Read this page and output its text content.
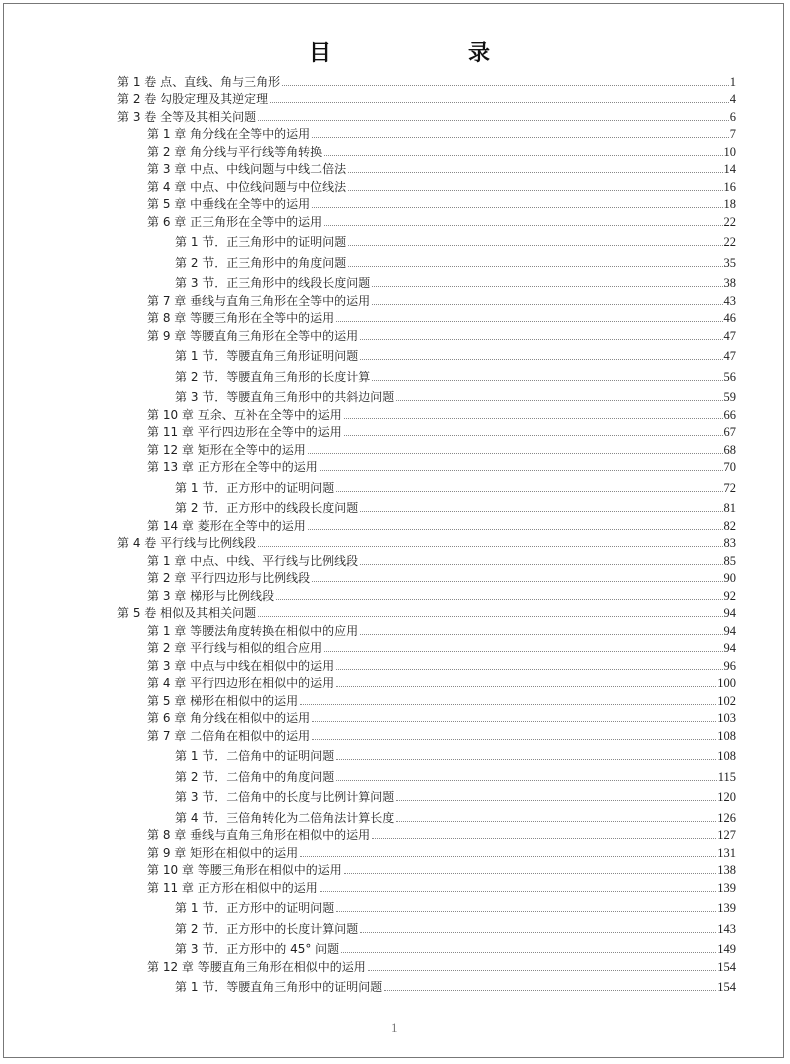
目	录
第 1 卷 点、直线、角与三角形	1
第 2 卷 勾股定理及其逆定理	4
第 3 卷 全等及其相关问题	6
第 1 章 角分线在全等中的运用	7
第 2 章 角分线与平行线等角转换	10
第 3 章 中点、中线问题与中线二倍法	14
第 4 章 中点、中位线问题与中位线法	16
第 5 章 中垂线在全等中的运用	18
第 6 章 正三角形在全等中的运用	22
第 1 节．正三角形中的证明问题	22
第 2 节．正三角形中的角度问题	35
第 3 节．正三角形中的线段长度问题	38
第 7 章 垂线与直角三角形在全等中的运用	43
第 8 章 等腰三角形在全等中的运用	46
第 9 章 等腰直角三角形在全等中的运用	47
第 1 节．等腰直角三角形证明问题	47
第 2 节．等腰直角三角形的长度计算	56
第 3 节．等腰直角三角形中的共斜边问题	59
第 10 章 互余、互补在全等中的运用	66
第 11 章 平行四边形在全等中的运用	67
第 12 章 矩形在全等中的运用	68
第 13 章 正方形在全等中的运用	70
第 1 节．正方形中的证明问题	72
第 2 节．正方形中的线段长度问题	81
第 14 章 菱形在全等中的运用	82
第 4 卷 平行线与比例线段	83
第 1 章 中点、中线、平行线与比例线段	85
第 2 章 平行四边形与比例线段	90
第 3 章 梯形与比例线段	92
第 5 卷 相似及其相关问题	94
第 1 章 等腰法角度转换在相似中的应用	94
第 2 章 平行线与相似的组合应用	94
第 3 章 中点与中线在相似中的运用	96
第 4 章 平行四边形在相似中的运用	100
第 5 章 梯形在相似中的运用	102
第 6 章 角分线在相似中的运用	103
第 7 章 二倍角在相似中的运用	108
第 1 节．二倍角中的证明问题	108
第 2 节．二倍角中的角度问题	115
第 3 节．二倍角中的长度与比例计算问题	120
第 4 节．三倍角转化为二倍角法计算长度	126
第 8 章 垂线与直角三角形在相似中的运用	127
第 9 章 矩形在相似中的运用	131
第 10 章 等腰三角形在相似中的运用	138
第 11 章 正方形在相似中的运用	139
第 1 节．正方形中的证明问题	139
第 2 节．正方形中的长度计算问题	143
第 3 节．正方形中的 45° 问题	149
第 12 章 等腰直角三角形在相似中的运用	154
第 1 节．等腰直角三角形中的证明问题	154
1
